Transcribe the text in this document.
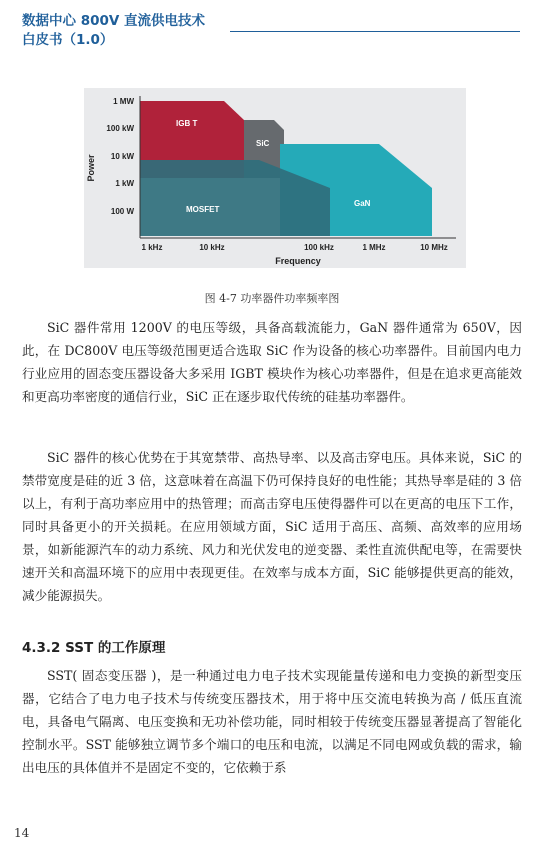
数据中心 800V 直流供电技术
白皮书（1.0）
1 MW
100 kW
10 kW
1 kW
100 W
1 kHz	10 kHz	100 kHz	1 MHz	10 MHz
IGB T
SiC
GaN
MOSFET
Power
Frequency
图 4-7 功率器件功率频率图

SiC 器件常用 1200V 的电压等级，具备高载流能力，GaN 器件通常为 650V，因此，在 DC800V 电压等级范围更适合选取 SiC 作为设备的核心功率器件。目前国内电力行业应用的固态变压器设备大多采用 IGBT 模块作为核心功率器件，但是在追求更高能效和更高功率密度的通信行业，SiC 正在逐步取代传统的硅基功率器件。

SiC 器件的核心优势在于其宽禁带、高热导率、以及高击穿电压。具体来说，SiC 的禁带宽度是硅的近 3 倍，这意味着在高温下仍可保持良好的电性能；其热导率是硅的 3 倍以上，有利于高功率应用中的热管理；而高击穿电压使得器件可以在更高的电压下工作，同时具备更小的开关损耗。在应用领域方面，SiC 适用于高压、高频、高效率的应用场景，如新能源汽车的动力系统、风力和光伏发电的逆变器、柔性直流供配电等，在需要快速开关和高温环境下的应用中表现更佳。在效率与成本方面，SiC 能够提供更高的能效，减少能源损失。

4.3.2 SST 的工作原理

SST( 固态变压器 )，是一种通过电力电子技术实现能量传递和电力变换的新型变压器，它结合了电力电子技术与传统变压器技术，用于将中压交流电转换为高 / 低压直流电，具备电气隔离、电压变换和无功补偿功能，同时相较于传统变压器显著提高了智能化控制水平。SST 能够独立调节多个端口的电压和电流，以满足不同电网或负载的需求，输出电压的具体值并不是固定不变的，它依赖于系

14
